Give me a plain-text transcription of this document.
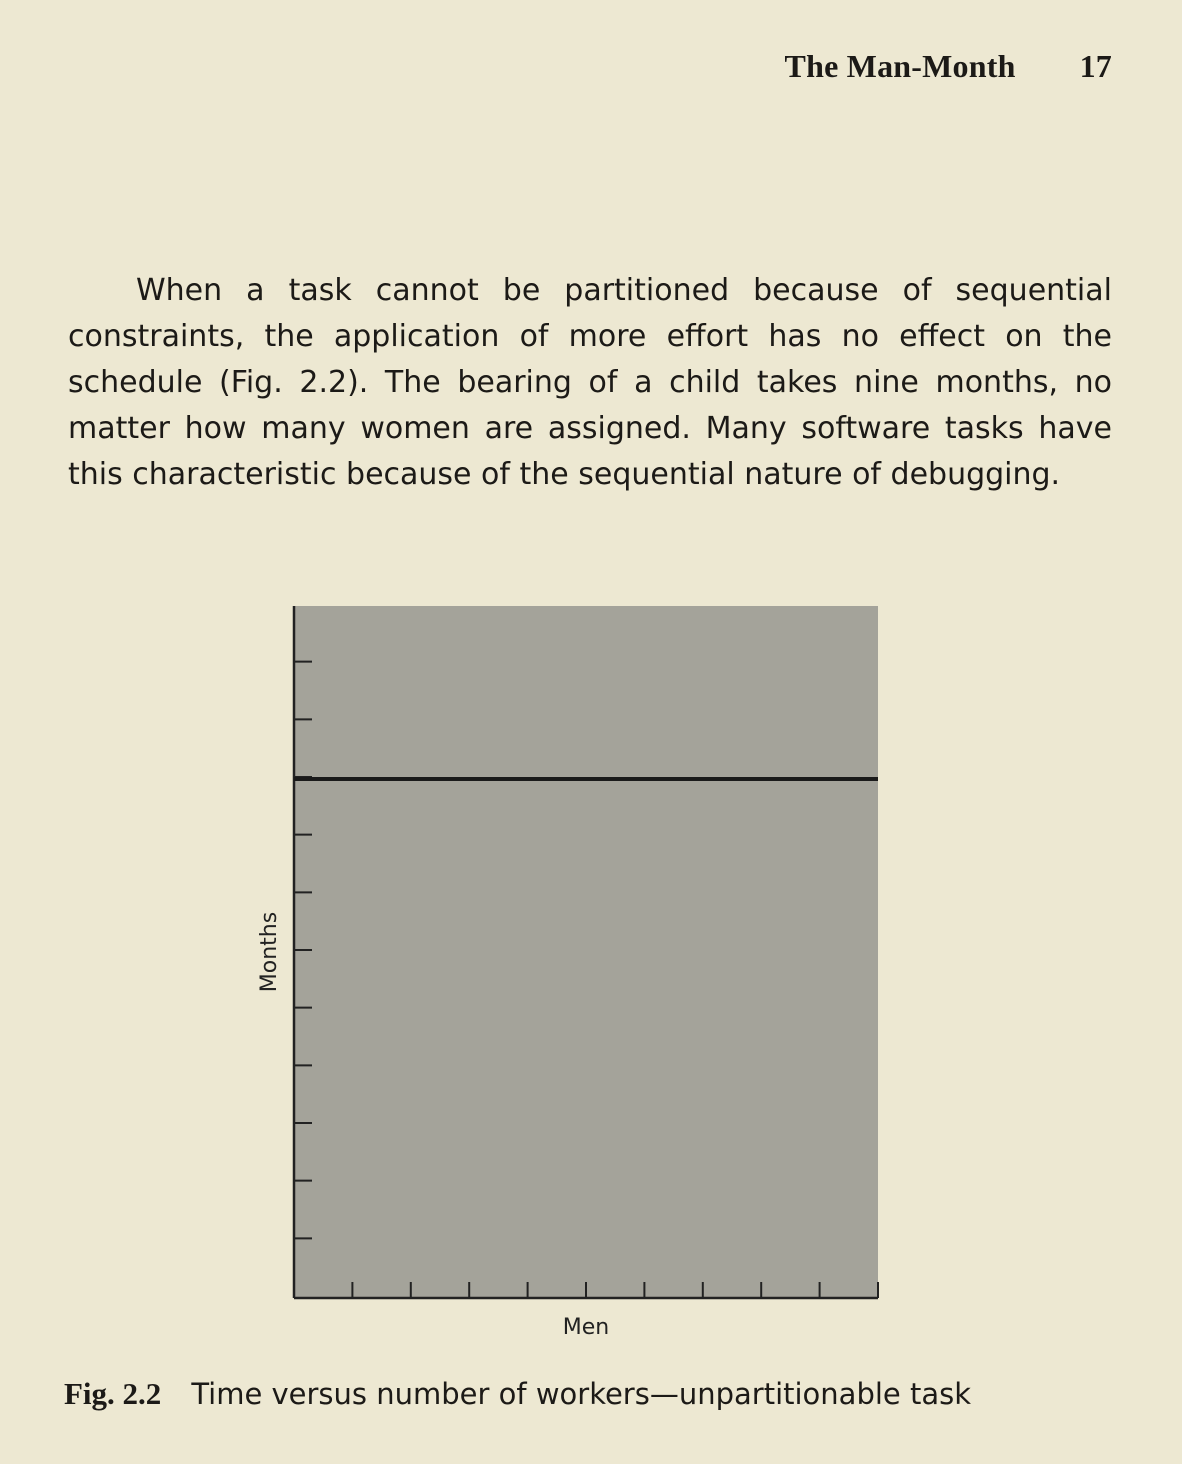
The Man-Month 17

When a task cannot be partitioned because of sequential constraints, the application of more effort has no effect on the schedule (Fig. 2.2). The bearing of a child takes nine months, no matter how many women are assigned. Many software tasks have this characteristic because of the sequential nature of debugging.

Men
Months
Fig. 2.2 Time versus number of workers—unpartitionable task
